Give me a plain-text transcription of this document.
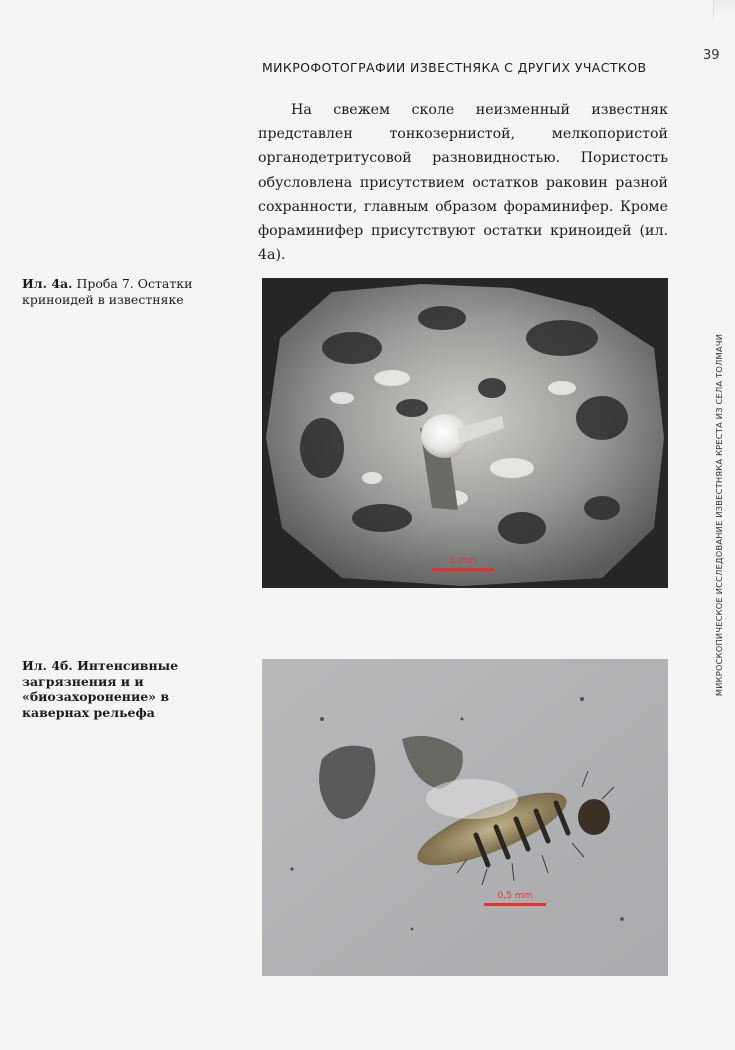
39
МИКРОФОТОГРАФИИ ИЗВЕСТНЯКА С ДРУГИХ УЧАСТКОВ

На свежем сколе неизменный известняк представлен тонкозернистой, мелкопористой органодетритусовой разновидностью. Пористость обусловлена присутствием остатков раковин разной сохранности, главным образом фораминифер. Кроме фораминифер присутствуют остатки криноидей (ил. 4а).

Ил. 4а. Проба 7. Остатки криноидей в известняке
Ил. 4б. Интенсивные загрязнения и и «биозахоронение» в кавернах рельефа
МИКРОСКОПИЧЕСКОЕ ИССЛЕДОВАНИЕ ИЗВЕСТНЯКА КРЕСТА ИЗ СЕЛА ТОЛМАЧИ
1 mm
0,5 mm
